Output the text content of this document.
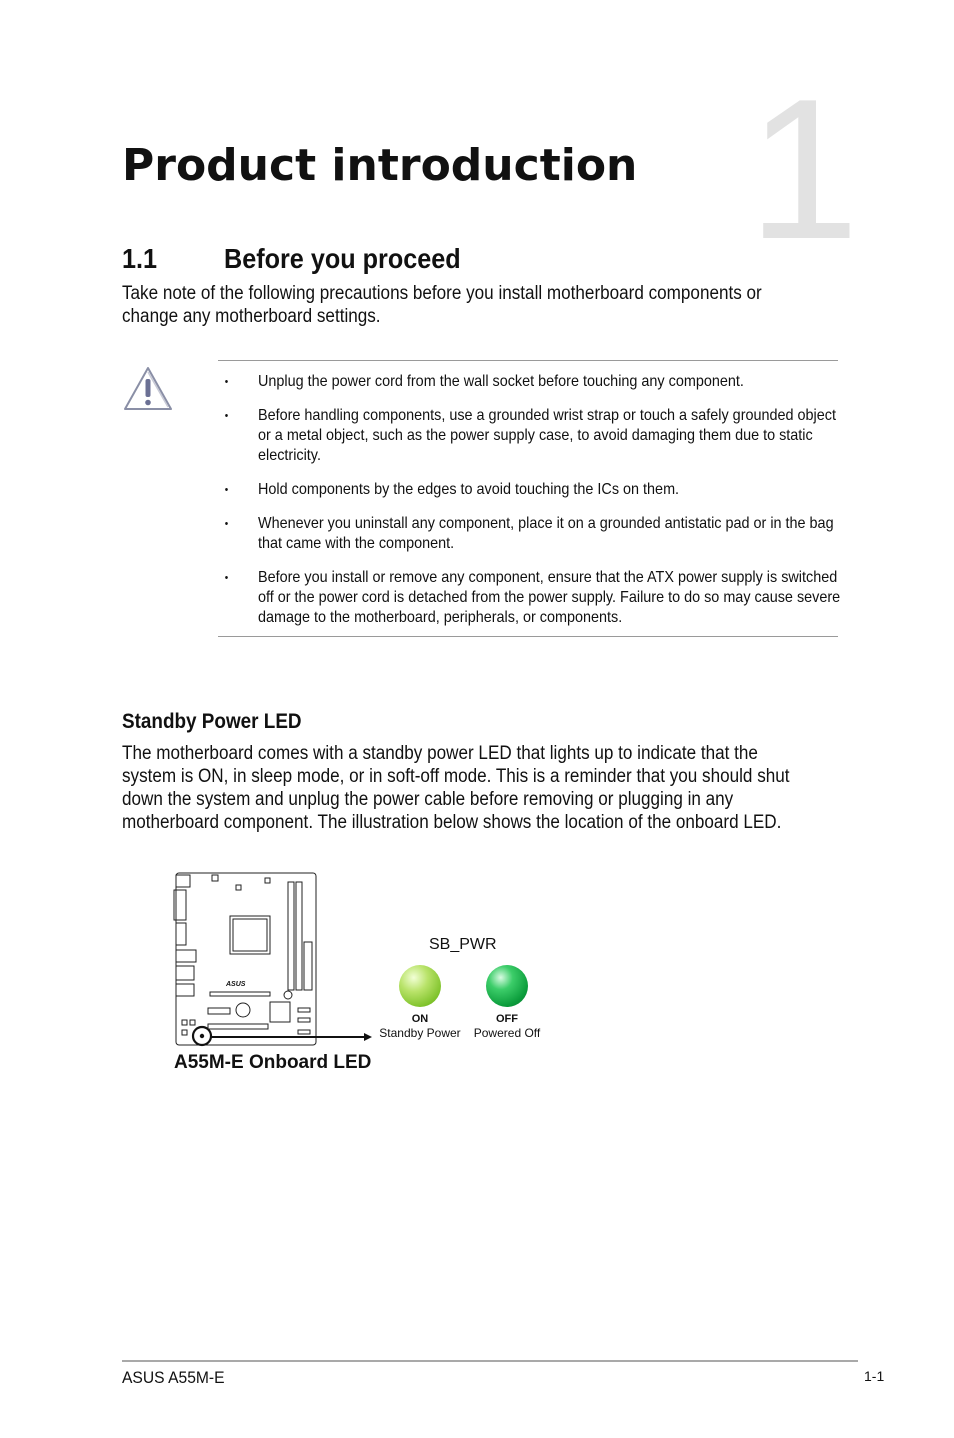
1
Product introduction
1.1 Before you proceed
Take note of the following precautions before you install motherboard components or change any motherboard settings.
• Unplug the power cord from the wall socket before touching any component.
• Before handling components, use a grounded wrist strap or touch a safely grounded object or a metal object, such as the power supply case, to avoid damaging them due to static electricity.
• Hold components by the edges to avoid touching the ICs on them.
• Whenever you uninstall any component, place it on a grounded antistatic pad or in the bag that came with the component.
• Before you install or remove any component, ensure that the ATX power supply is switched off or the power cord is detached from the power supply. Failure to do so may cause severe damage to the motherboard, peripherals, or components.
Standby Power LED
The motherboard comes with a standby power LED that lights up to indicate that the system is ON, in sleep mode, or in soft-off mode. This is a reminder that you should shut down the system and unplug the power cable before removing or plugging in any motherboard component. The illustration below shows the location of the onboard LED.
ASUS
A55M-E Onboard LED
SB_PWR
ON
Standby Power
OFF
Powered Off
ASUS A55M-E	1-1
